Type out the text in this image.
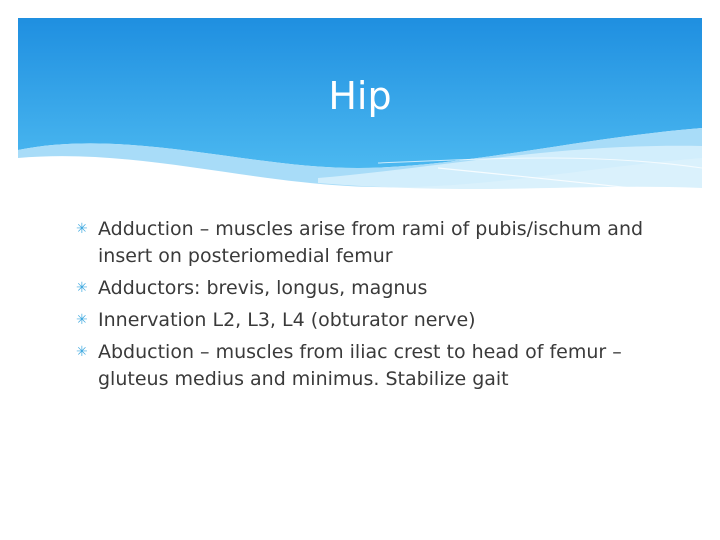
Hip
✳ Adduction – muscles arise from rami of pubis/ischum and insert on posteriomedial femur
✳ Adductors: brevis, longus, magnus
✳ Innervation L2, L3, L4 (obturator nerve)
✳ Abduction – muscles from iliac crest to head of femur – gluteus medius and minimus. Stabilize gait
